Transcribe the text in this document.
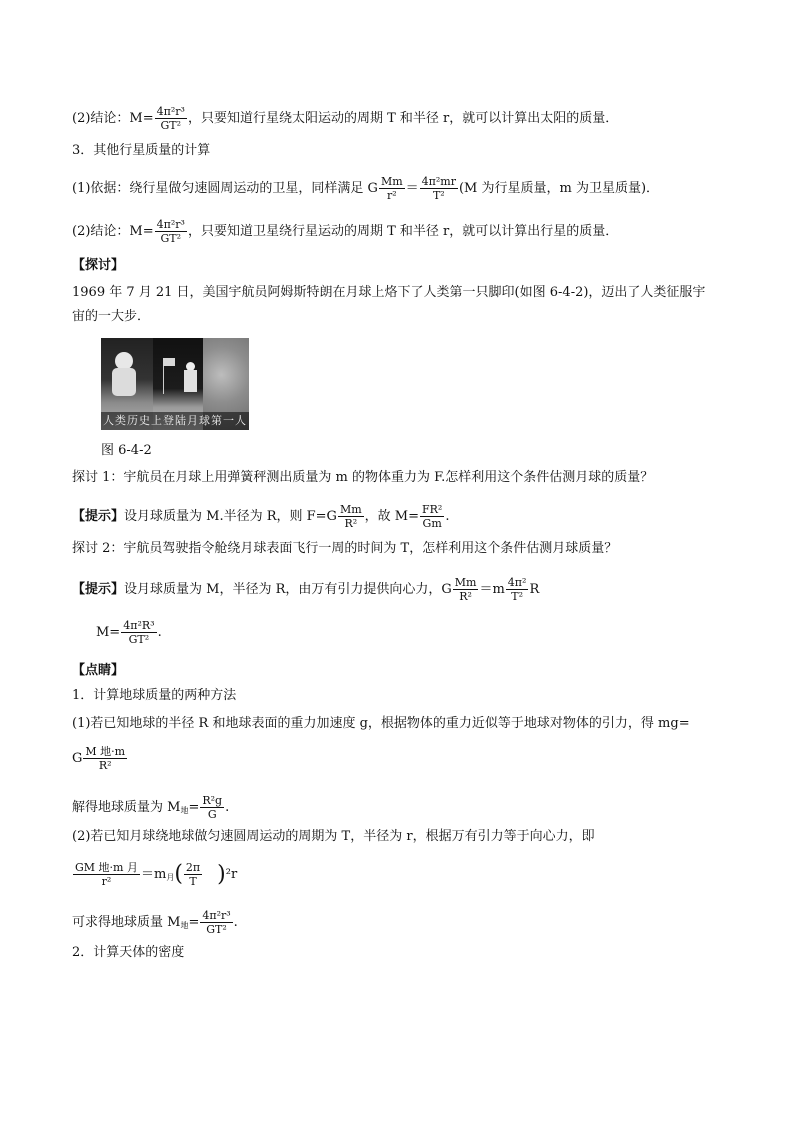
(2)结论：$M= \frac{\text{4π²r³}}{\text{GT²}}$ ，只要知道行星绕太阳运动的周期 T 和半径 r，就可以计算出太阳的质量．
3．其他行星质量的计算
(1)依据：绕行星做匀速圆周运动的卫星，同样满足 G $\frac{Mm}{\text{r²}} = \frac{\text{4π²mr}}{\text{T²}} (M$ 为行星质量，m 为卫星质量)．
(2)结论：$M= \frac{\text{4π²r³}}{\text{GT²}}$ ，只要知道卫星绕行星运动的周期 T 和半径 r，就可以计算出行星的质量．
【探讨】
1969 年 7 月 21 日，美国宇航员阿姆斯特朗在月球上烙下了人类第一只脚印(如图 6-4-2)，迈出了人类征服宇
宙的一大步．
人类历史上登陆月球第一人
图 6-4-2
探讨 1：宇航员在月球上用弹簧秤测出质量为 m 的物体重力为 F.怎样利用这个条件估测月球的质量？
【提示】设月球质量为 M.半径为 R，则 $F=G \frac{Mm}{\text{R²}}$ ，故 $M= \frac{\text{FR²}}{Gm}$ .
探讨 2：宇航员驾驶指令舱绕月球表面飞行一周的时间为 T，怎样利用这个条件估测月球质量？
【提示】设月球质量为 M，半径为 R，由万有引力提供向心力，G $\frac{Mm}{\text{R²}} =m \frac{\text{4π²}}{\text{T²}}$ R
$M= \frac{\text{4π²R³}}{\text{GT²}}$ .
【点睛】
1．计算地球质量的两种方法
(1)若已知地球的半径 R 和地球表面的重力加速度 g，根据物体的重力近似等于地球对物体的引力，得 mg=
G $\frac{\text{M 地·m}}{\text{R²}}$
解得地球质量为 $M_地= \frac{\text{R²g}}{G}$ .
(2)若已知月球绕地球做匀速圆周运动的周期为 T，半径为 r，根据万有引力等于向心力，即
$\frac{\text{GM 地·m 月}}{\text{r²}} =m_月( \frac{2\pi}{T} )^2r$
可求得地球质量 $M_地= \frac{\text{4π²r³}}{\text{GT²}}$ .
2．计算天体的密度
